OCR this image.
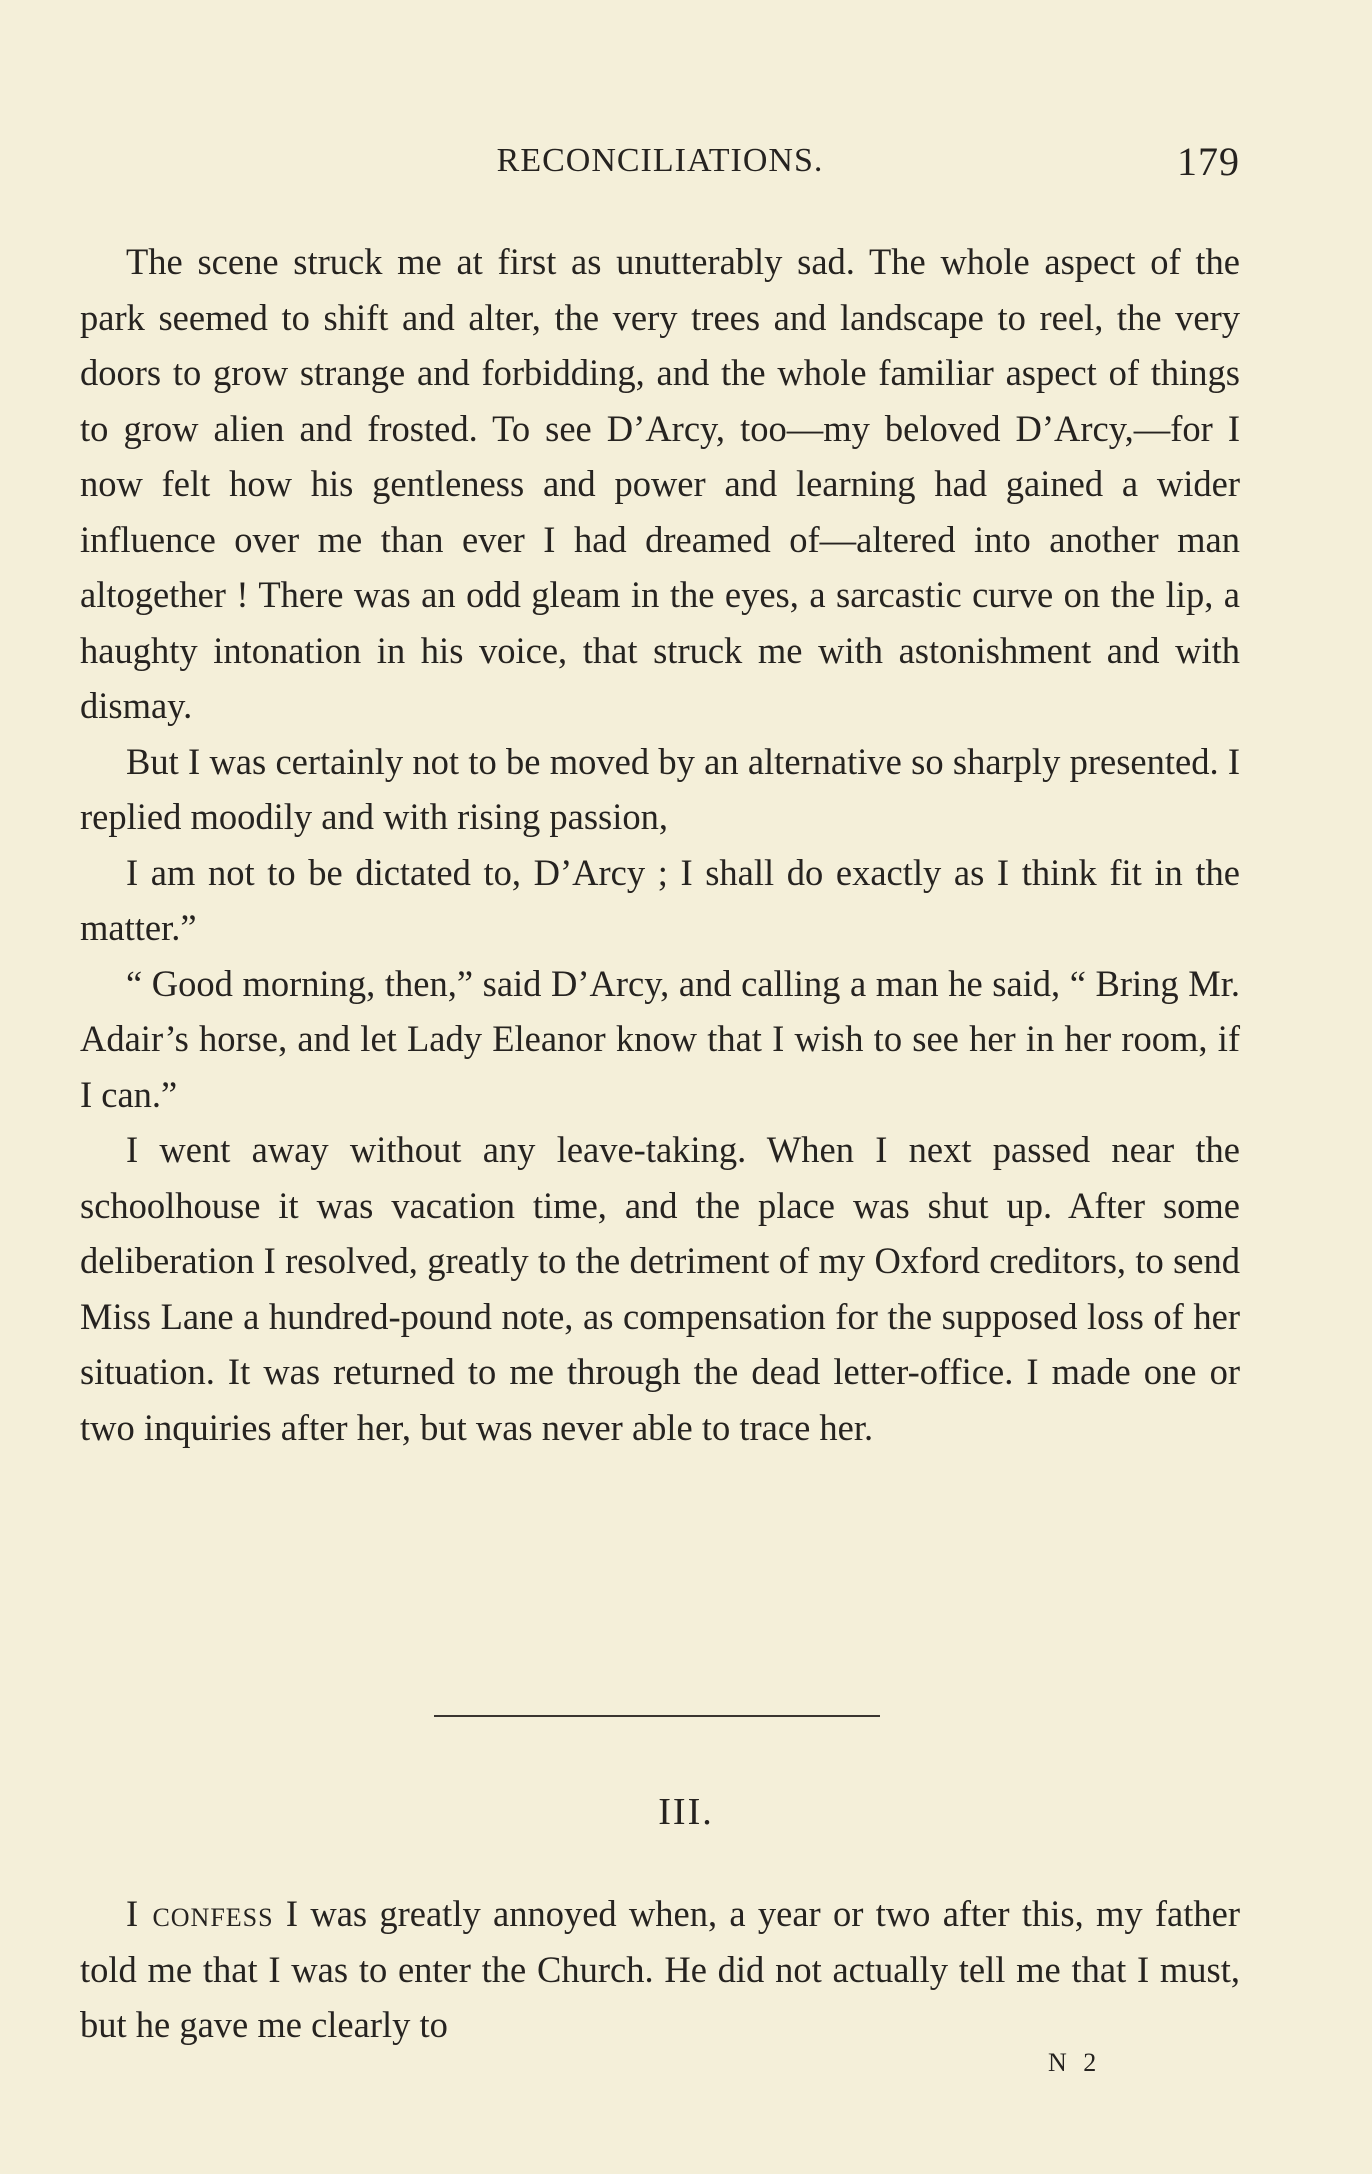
RECONCILIATIONS.	179

The scene struck me at first as unutterably sad. The whole aspect of the park seemed to shift and alter, the very trees and landscape to reel, the very doors to grow strange and forbidding, and the whole familiar aspect of things to grow alien and frosted. To see D’Arcy, too—my beloved D’Arcy,—for I now felt how his gentleness and power and learning had gained a wider influence over me than ever I had dreamed of—altered into another man altogether ! There was an odd gleam in the eyes, a sarcastic curve on the lip, a haughty intonation in his voice, that struck me with astonishment and with dismay.

But I was certainly not to be moved by an alternative so sharply presented. I replied moodily and with rising passion,

I am not to be dictated to, D’Arcy ; I shall do exactly as I think fit in the matter.”

“ Good morning, then,” said D’Arcy, and calling a man he said, “ Bring Mr. Adair’s horse, and let Lady Eleanor know that I wish to see her in her room, if I can.”

I went away without any leave-taking. When I next passed near the schoolhouse it was vacation time, and the place was shut up. After some deliberation I resolved, greatly to the detriment of my Oxford creditors, to send Miss Lane a hundred-pound note, as compensation for the supposed loss of her situation. It was returned to me through the dead letter-office. I made one or two inquiries after her, but was never able to trace her.

III.

I confess I was greatly annoyed when, a year or two after this, my father told me that I was to enter the Church. He did not actually tell me that I must, but he gave me clearly to

N 2
